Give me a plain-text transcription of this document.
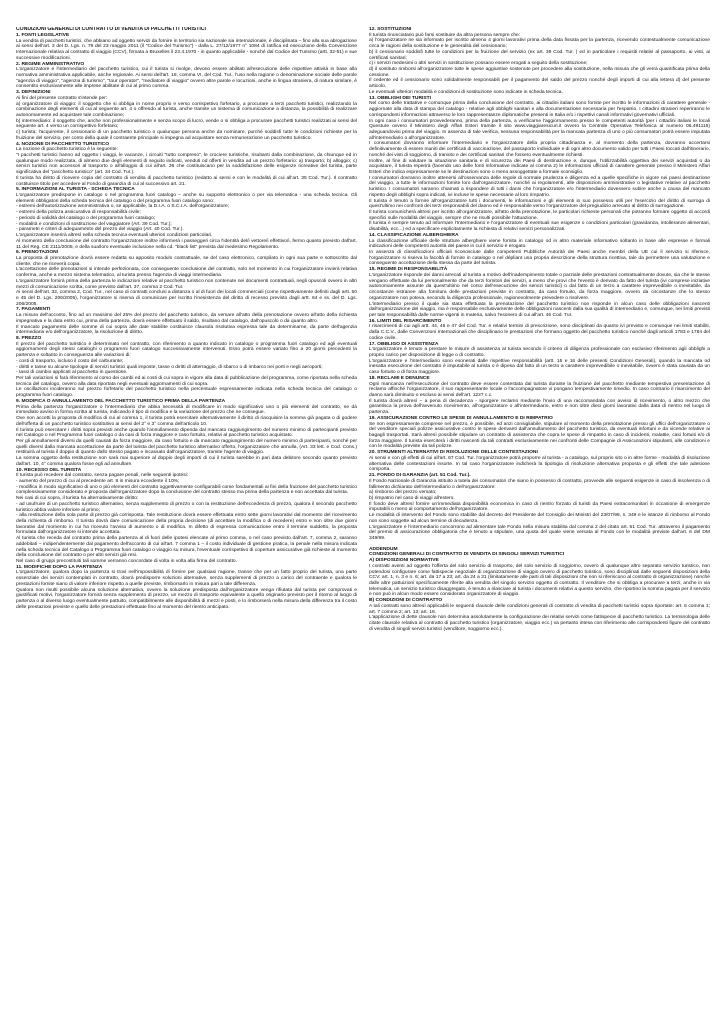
CONDIZIONI GENERALI DI CONTRATTO DI VENDITA DI PACCHETTI TURISTICI
1. FONTI LEGISLATIVE

La vendita di pacchetti turistici, che abbiano ad oggetto servizi da fornire in territorio sia nazionale sia internazionale, è disciplinata – fino alla sua abrogazione ai sensi dell'art. 3 del D. Lgs. n. 79 del 23 maggio 2011 (il "Codice del Turismo") - dalla L. 27/12/1977 n° 1084 di ratifica ed esecuzione della Convenzione Internazionale relativa al contratto di viaggio (CCV), firmata a Bruxelles il 23.4.1970 - in quanto applicabile - nonché dal Codice del Turismo (artt. 32-51) e sue successive modificazioni.

2. REGIME AMMINISTRATIVO

L'organizzatore e l'intermediario del pacchetto turistico, cui il turista si rivolge, devono essere abilitati all'esecuzione delle rispettive attività in base alla normativa amministrativa applicabile, anche regionale. Ai sensi dell'art. 18, comma VI, del Cod. Tur., l'uso nella ragione o denominazione sociale delle parole "agenzia di viaggio", "agenzia di turismo", "tour operator", "mediatore di viaggio" ovvero altre parole e locuzioni, anche in lingua straniera, di natura similare, è consentito esclusivamente alle imprese abilitate di cui al primo comma.

3. DEFINIZIONI

Ai fini del presente contratto s'intende per:

a) organizzatore di viaggio: il soggetto che si obbliga in nome proprio e verso corrispettivo forfetario, a procurare a terzi pacchetti turistici, realizzando la combinazione degli elementi di cui al seguente art. 4 o offrendo al turista, anche tramite un sistema di comunicazione a distanza, la possibilità di realizzare autonomamente ed acquistare tale combinazione;

b) intermediario: il soggetto che, anche non professionalmente e senza scopo di lucro, vende o si obbliga a procurare pacchetti turistici realizzati ai sensi del seguente art. 4 verso un corrispettivo forfetario;

c) turista: l'acquirente, il cessionario di un pacchetto turistico o qualunque persona anche da nominare, purché soddisfi tutte le condizioni richieste per la fruizione del servizio, per conto della quale il contraente principale si impegna ad acquistare senza remunerazione un pacchetto turistico.

4. NOZIONE DI PACCHETTO TURISTICO

La nozione di pacchetto turistico è la seguente:

"I pacchetti turistici hanno ad oggetto i viaggi, le vacanze, i circuiti "tutto compreso", le crociere turistiche, risultanti dalla combinazione, da chiunque ed in qualunque modo realizzata, di almeno due degli elementi di seguito indicati, venduti od offerti in vendita ad un prezzo forfetario: a) trasporto; b) alloggio; c) servizi turistici non accessori al trasporto o all'alloggio di cui all'art. 36 che costituiscano per la soddisfazione delle esigenze ricreative del turista, parte significativa del "pacchetto turistico" (art. 34 Cod. Tur.).

Il turista ha diritto di ricevere copia del contratto di vendita di pacchetto turistico (redatto ai sensi e con le modalità di cui all'art. 35 Cod. Tur.). Il contratto costituisce titolo per accedere al Fondo di garanzia di cui al successivo art. 21.

5. INFORMAZIONI AL TURISTA - SCHEDA TECNICA

L'organizzatore predispone in catalogo o nel programma fuori catalogo – anche su supporto elettronico o per via telematica - una scheda tecnica. Gli elementi obbligatori della scheda tecnica del catalogo o del programma fuori catalogo sono:

- estremi dell'autorizzazione amministrativa o, se applicabile, la D.I.A. o S.C.I.A. dell'organizzatore;

- estremi della polizza assicurativa di responsabilità civile;

- periodo di validità del catalogo o del programma fuori catalogo;

- modalità e condizioni di sostituzione del viaggiatore (Art. 39 Cod. Tur.);

- parametri e criteri di adeguamento del prezzo del viaggio (Art. 40 Cod. Tur.).

L'organizzatore inserirà altresì nella scheda tecnica eventuali ulteriori condizioni particolari.

Al momento della conclusione del contratto l'organizzatore inoltre informerà i passeggeri circa l'identità del/i vettore/i effettivo/i, fermo quanto previsto dall'art. 11 del Reg. CE 2111/2005, e della sua/loro eventuale inclusione nella cd. "black list" prevista dal medesimo Regolamento.

6. PRENOTAZIONI

La proposta di prenotazione dovrà essere redatta su apposito modulo contrattuale, se del caso elettronico, compilato in ogni sua parte e sottoscritto dal cliente, che ne riceverà copia.

L'accettazione delle prenotazioni si intende perfezionata, con conseguente conclusione del contratto, solo nel momento in cui l'organizzatore invierà relativa conferma, anche a mezzo sistema telematico, al turista presso l'agenzia di viaggi intermediaria.

L'organizzatore fornirà prima della partenza le indicazioni relative al pacchetto turistico non contenute nei documenti contrattuali, negli opuscoli ovvero in altri mezzi di comunicazione scritta, come previsto dall'art. 37, comma 2 Cod. Tur.

Ai sensi dell'art. 32, comma 2, Cod. Tur., nel caso di contratti conclusi a distanza o al di fuori dei locali commerciali (come rispettivamente definiti dagli artt. 50 e 45 del D. Lgs. 206/2005), l'organizzatore si riserva di comunicare per iscritto l'inesistenza del diritto di recesso previsto dagli artt. 64 e ss. del D. Lgs. 206/2005.

7. PAGAMENTI

La misura dell'acconto, fino ad un massimo del 25% del prezzo del pacchetto turistico, da versare all'atto della prenotazione ovvero all'atto della richiesta impegnativa e la data entro cui, prima della partenza, dovrà essere effettuato il saldo, risultano dal catalogo, dall'opuscolo o da quanto altro.

Il mancato pagamento delle somme di cui sopra alle date stabilite costituisce clausola risolutiva espressa tale da determinarne, da parte dell'agenzia intermediaria e/o dell'organizzatore, la risoluzione di diritto.

8. PREZZO

Il prezzo del pacchetto turistico è determinato nel contratto, con riferimento a quanto indicato in catalogo o programma fuori catalogo ed agli eventuali aggiornamenti degli stessi cataloghi o programmi fuori catalogo successivamente intervenuti. Esso potrà essere variato fino a 20 giorni precedenti la partenza e soltanto in conseguenza alle variazioni di:

- costi di trasporto, incluso il costo del carburante;

- diritti e tasse su alcune tipologie di servizi turistici quali imposte, tasse o diritti di atterraggio, di sbarco o di imbarco nei porti e negli aeroporti;

- tassi di cambio applicati al pacchetto in questione.

Per tali variazioni si farà riferimento al corso dei cambi ed ai costi di cui sopra in vigore alla data di pubblicazione del programma, come riportata nella scheda tecnica del catalogo, ovvero alla data riportata negli eventuali aggiornamenti di cui sopra.

Le oscillazioni incideranno sul prezzo forfetario del pacchetto turistico nella percentuale espressamente indicata nella scheda tecnica del catalogo o programma fuori catalogo.

9. MODIFICA O ANNULLAMENTO DEL PACCHETTO TURISTICO PRIMA DELLA PARTENZA

Prima della partenza l'organizzatore o l'intermediario che abbia necessità di modificare in modo significativo uno o più elementi del contratto, ne dà immediato avviso in forma scritta al turista, indicando il tipo di modifica e la variazione del prezzo che ne consegue.

Ove non accetti la proposta di modifica di cui al comma 1, il turista potrà esercitare alternativamente il diritto di riacquisire la somma già pagata o di godere dell'offerta di un pacchetto turistico sostitutivo ai sensi del 2° e 3° comma dell'articolo 10.

Il turista può esercitare i diritti sopra previsti anche quando l'annullamento dipenda dal mancato raggiungimento del numero minimo di partecipanti previsto nel Catalogo o nel Programma fuori catalogo o da casi di forza maggiore e caso fortuito, relativi al pacchetto turistico acquistato.

Per gli annullamenti diversi da quelli causati da forza maggiore, da caso fortuito e da mancato raggiungimento del numero minimo di partecipanti, nonché per quelli diversi dalla mancata accettazione da parte del turista del pacchetto turistico alternativo offerto, l'organizzatore che annulla, (Art. 33 lett. e Cod. Cons.) restituirà al turista il doppio di quanto dallo stesso pagato e incassato dall'organizzatore, tramite l'agente di viaggio.

La somma oggetto della restituzione non sarà mai superiore al doppio degli importi di cui il turista sarebbe in pari data debitore secondo quanto previsto dall'art. 10, 4° comma qualora fosse egli ad annullare.

10. RECESSO DEL TURISTA

Il turista può recedere dal contratto, senza pagare penali, nelle seguenti ipotesi:

- aumento del prezzo di cui al precedente art. 8 in misura eccedente il 10%;

- modifica in modo significativo di uno o più elementi del contratto oggettivamente configurabili come fondamentali ai fini della fruizione del pacchetto turistico complessivamente considerato e proposta dall'organizzatore dopo la conclusione del contratto stesso ma prima della partenza e non accettata dal turista.

Nei casi di cui sopra, il turista ha alternativamente diritto:

- ad usufruire di un pacchetto turistico alternativo, senza supplemento di prezzo o con la restituzione dell'eccedenza di prezzo, qualora il secondo pacchetto turistico abbia valore inferiore al primo;

- alla restituzione della sola parte di prezzo già corrisposta. Tale restituzione dovrà essere effettuata entro sette giorni lavorativi dal momento del ricevimento della richiesta di rimborso. Il turista dovrà dare comunicazione della propria decisione (di accettare la modifica o di recedere) entro e non oltre due giorni lavorativi dal momento in cui ha ricevuto l'avviso di aumento o di modifica. In difetto di espressa comunicazione entro il termine suddetto, la proposta formulata dall'organizzatore si intende accettata.

Al turista che receda dal contratto prima della partenza al di fuori delle ipotesi elencate al primo comma, o nel caso previsto dall'art. 7, comma 2, saranno addebitati – indipendentemente dal pagamento dell'acconto di cui all'art. 7 comma 1 – il costo individuale di gestione pratica, la penale nella misura indicata nella scheda tecnica del Catalogo o Programma fuori catalogo o viaggio su misura, l'eventuale corrispettivo di coperture assicurative già richieste al momento della conclusione del contratto o per altri servizi già resi.

Nel caso di gruppi precostituiti tali somme verranno concordate di volta in volta alla firma del contratto.

11. MODIFICHE DOPO LA PARTENZA

L'organizzatore, qualora dopo la partenza si trovi nell'impossibilità di fornire per qualsiasi ragione, tranne che per un fatto proprio del turista, una parte essenziale dei servizi contemplati in contratto, dovrà predisporre soluzioni alternative, senza supplementi di prezzo a carico del contraente e qualora le prestazioni fornite siano di valore inferiore rispetto a quelle previste, rimborsarlo in misura pari a tale differenza.

Qualora non risulti possibile alcuna soluzione alternativa, ovvero la soluzione predisposta dall'organizzatore venga rifiutata dal turista per comprovati e giustificati motivi, l'organizzatore fornirà senza supplemento di prezzo, un mezzo di trasporto equivalente a quello originario previsto per il ritorno al luogo di partenza o al diverso luogo eventualmente pattuito, compatibilmente alle disponibilità di mezzi e posti, e lo rimborserà nella misura della differenza tra il costo delle prestazioni previste e quello delle prestazioni effettuate fino al momento del rientro anticipato.

12. SOSTITUZIONI

Il turista rinunciatario può farsi sostituire da altra persona sempre che:

a) l'organizzatore ne sia informato per iscritto almeno 4 giorni lavorativi prima della data fissata per la partenza, ricevendo contestualmente comunicazione circa le ragioni della sostituzione e le generalità del cessionario;

b) il cessionario soddisfi tutte le condizioni per la fruizione del servizio (ex art. 39 Cod. Tur. ) ed in particolare i requisiti relativi al passaporto, ai visti, ai certificati sanitari;

c) i servizi medesimi o altri servizi in sostituzione possano essere erogati a seguito della sostituzione;

d) il sostituto rimborsi all'organizzatore tutte le spese aggiuntive sostenute per procedere alla sostituzione, nella misura che gli verrà quantificata prima della cessione.

Il cedente ed il cessionario sono solidalmente responsabili per il pagamento del saldo del prezzo nonché degli importi di cui alla lettera d) del presente articolo.

Le eventuali ulteriori modalità e condizioni di sostituzione sono indicate in scheda tecnica.

13. OBBLIGHI DEI TURISTI

Nel corso delle trattative e comunque prima della conclusione del contratto, ai cittadini italiani sono fornite per iscritto le informazioni di carattere generale - aggiornate alla data di stampa del catalogo - relative agli obblighi sanitari e alla documentazione necessaria per l'espatrio. I cittadini stranieri reperiranno le corrispondenti informazioni attraverso le loro rappresentanze diplomatiche presenti in Italia e/o i rispettivi canali informativi governativi ufficiali.

In ogni caso i consumatori provvederanno, prima della partenza, a verificarne l'aggiornamento presso le competenti autorità (per i cittadini italiani le locali Questure ovvero il Ministero degli Affari Esteri tramite il sito www.viaggiaresicuri.it ovvero la Centrale Operativa Telefonica al numero 06.491115) adeguandovisi prima del viaggio. In assenza di tale verifica, nessuna responsabilità per la mancata partenza di uno o più consumatori potrà essere imputata all'intermediario o all'organizzatore.

I consumatori dovranno informare l'intermediario e l'organizzatore della propria cittadinanza e, al momento della partenza, dovranno accertarsi definitivamente di essere muniti dei certificati di vaccinazione, del passaporto individuale e di ogni altro documento valido per tutti i Paesi toccati dall'itinerario, nonché dei visti di soggiorno, di transito e dei certificati sanitari che fossero eventualmente richiesti.

Inoltre, al fine di valutare la situazione sanitaria e di sicurezza dei Paesi di destinazione e, dunque, l'utilizzabilità oggettiva dei servizi acquistati o da acquistare, il turista reperirà (facendo uso delle fonti informative indicate al comma 2) le informazioni ufficiali di carattere generale presso il Ministero Affari Esteri che indica espressamente se le destinazioni sono o meno assoggettate a formale sconsiglio.

I consumatori dovranno inoltre attenersi all'osservanza delle regole di normale prudenza e diligenza ed a quelle specifiche in vigore nei paesi destinazione del viaggio, a tutte le informazioni fornite loro dall'organizzatore, nonché ai regolamenti, alle disposizioni amministrative o legislative relative al pacchetto turistico. I consumatori saranno chiamati a rispondere di tutti i danni che l'organizzatore e/o l'intermediario dovessero subire anche a causa del mancato rispetto degli obblighi sopra indicati, ivi incluse le spese necessarie al loro rimpatrio.

Il turista è tenuto a fornire all'organizzatore tutti i documenti, le informazioni e gli elementi in suo possesso utili per l'esercizio del diritto di surroga di quest'ultimo nei confronti dei terzi responsabili del danno ed è responsabile verso l'organizzatore del pregiudizio arrecato al diritto di surrogazione.

Il turista comunicherà altresì per iscritto all'organizzatore, all'atto della prenotazione, le particolari richieste personali che potranno formare oggetto di accordi specifici sulle modalità del viaggio, sempre che ne risulti possibile l'attuazione.

Il turista è sempre tenuto ad informare l'Intermediario e l'organizzatore di eventuali sue esigenze o condizioni particolari (gravidanza, intolleranze alimentari, disabilità, ecc...) ed a specificare esplicitamente la richiesta di relativi servizi personalizzati.

14. CLASSIFICAZIONE ALBERGHIERA

La classificazione ufficiale delle strutture alberghiere viene fornita in catalogo od in altro materiale informativo soltanto in base alle espresse e formali indicazioni delle competenti autorità del paese in cui il servizio è erogato.

In assenza di classificazioni ufficiali riconosciute dalle competenti Pubbliche Autorità dei Paesi anche membri della UE cui il servizio si riferisce, l'organizzatore si riserva la facoltà di fornire in catalogo o nel dépliant una propria descrizione della struttura ricettiva, tale da permettere una valutazione e conseguente accettazione della stessa da parte del turista.

15. REGIME DI RESPONSABILITÀ

L'organizzatore risponde dei danni arrecati al turista a motivo dell'inadempimento totale o parziale delle prestazioni contrattualmente dovute, sia che le stesse vengano effettuate da lui personalmente che da terzi fornitori dei servizi, a meno che provi che l'evento è derivato da fatto del turista (ivi comprese iniziative autonomamente assunte da quest'ultimo nel corso dell'esecuzione dei servizi turistici) o dal fatto di un terzo a carattere imprevedibile o inevitabile, da circostanze estranee alla fornitura delle prestazioni previste in contratto, da caso fortuito, da forza maggiore, ovvero da circostanze che lo stesso organizzatore non poteva, secondo la diligenza professionale, ragionevolmente prevedere o risolvere.

L'intermediario presso il quale sia stata effettuata la prenotazione del pacchetto turistico non risponde in alcun caso delle obbligazioni nascenti dall'organizzazione del viaggio, ma è responsabile esclusivamente delle obbligazioni nascenti dalla sua qualità di intermediario e, comunque, nei limiti previsti per tale responsabilità dalle norme vigenti in materia, salvo l'esonero di cui all'art. 46 Cod. Tur.

16. LIMITI DEL RISARCIMENTO

I risarcimenti di cui agli artt. 44, 45 e 47 del Cod. Tur. e relativi termini di prescrizione, sono disciplinati da quanto ivi previsto e comunque nei limiti stabiliti, dalla C.C.V., dalle Convenzioni Internazionali che disciplinano le prestazioni che formano oggetto del pacchetto turistico nonché dagli articoli 1783 e 1784 del codice civile.

17. OBBLIGO DI ASSISTENZA

L'organizzatore è tenuto a prestare le misure di assistenza al turista secondo il criterio di diligenza professionale con esclusivo riferimento agli obblighi a proprio carico per disposizione di legge o di contratto.

L'organizzatore e l'intermediario sono esonerati dalle rispettive responsabilità (artt. 15 e 16 delle presenti Condizioni Generali), quando la mancata od inesatta esecuzione del contratto è imputabile al turista o è dipesa dal fatto di un terzo a carattere imprevedibile o inevitabile, ovvero è stata causata da un caso fortuito o di forza maggiore.

18. RECLAMI E DENUNCE

Ogni mancanza nell'esecuzione del contratto deve essere contestata dal turista durante la fruizione del pacchetto mediante tempestiva presentazione di reclamo affinché l'organizzatore, il suo rappresentante locale o l'accompagnatore vi pongano tempestivamente rimedio. In caso contrario il risarcimento del danno sarà diminuito o escluso ai sensi dell'art. 1227 c.c.

Il turista dovrà altresì – a pena di decadenza - sporgere reclamo mediante l'invio di una raccomandata con avviso di ricevimento, o altro mezzo che garantisca la prova dell'avvenuto ricevimento, all'organizzatore o all'intermediario, entro e non oltre dieci giorni lavorativi dalla data di rientro nel luogo di partenza.

19. ASSICURAZIONE CONTRO LE SPESE DI ANNULLAMENTO E DI RIMPATRIO

Se non espressamente comprese nel prezzo, è possibile, ed anzi consigliabile, stipulare al momento della prenotazione presso gli uffici dell'organizzatore o del venditore speciali polizze assicurative contro le spese derivanti dall'annullamento del pacchetto turistico, da eventuali infortuni e da vicende relative ai bagagli trasportati. Sarà altresì possibile stipulare un contratto di assistenza che copra le spese di rimpatrio in caso di incidenti, malattie, casi fortuiti e/o di forza maggiore. Il turista eserciterà i diritti nascenti da tali contratti esclusivamente nei confronti delle Compagnie di Assicurazioni stipulanti, alle condizioni e con le modalità previste da tali polizze.

20. STRUMENTI ALTERNATIVI DI RISOLUZIONE DELLE CONTESTAZIONI

Ai sensi e con gli effetti di cui all'art. 67 Cod. Tur. l'organizzatore potrà proporre al turista - a catalogo, sul proprio sito o in altre forme - modalità di risoluzione alternativa delle contestazioni insorte. In tal caso l'organizzatore indicherà la tipologia di risoluzione alternativa proposta e gli effetti che tale adesione comporta.

21. FONDO DI GARANZIA (art. 51 Cod. Tur.).

Il Fondo Nazionale di Garanzia istituito a tutela dei consumatori che siano in possesso di contratto, provvede alle seguenti esigenze in caso di insolvenza o di fallimento dichiarato dell'intermediario o dell'organizzatore:

a) rimborso del prezzo versato;

b) rimpatrio nel caso di viaggi all'estero.

Il fondo deve altresì fornire un'immediata disponibilità economica in caso di rientro forzato di turisti da Paesi extracomunitari in occasione di emergenze imputabili o meno al comportamento dell'organizzatore.

Le modalità di intervento del Fondo sono stabilite dal decreto del Presidente del Consiglio dei Ministri del 23/07/99, n. 349 e le istanze di rimborso al Fondo non sono soggette ad alcun termine di decadenza.

L'organizzatore e l'intermediario concorrono ad alimentare tale Fondo nella misura stabilita dal comma 2 del citato art. 51 Cod. Tur. attraverso il pagamento del premio di assicurazione obbligatoria che è tenuto a stipulare, una quota del quale viene versata al Fondo con le modalità previste dall'art. 6 del DM 349/99.

ADDENDUM
CONDIZIONI GENERALI DI CONTRATTO DI VENDITA DI SINGOLI SERVIZI TURISTICI
A) DISPOSIZIONI NORMATIVE

I contratti aventi ad oggetto l'offerta del solo servizio di trasporto, del solo servizio di soggiorno, ovvero di qualunque altro separato servizio turistico, non potendosi configurare come fattispecie negoziale di organizzazione di viaggio ovvero di pacchetto turistico, sono disciplinati dalle seguenti disposizioni della CCV: art. 1, n. 3 e n. 6; art. da 17 a 23; art. da 24 a 31 (limitatamente alle parti di tali disposizioni che non si riferiscono al contratto di organizzazione) nonché dalle altre pattuizioni specificamente riferite alla vendita del singolo servizio oggetto di contratto. Il venditore che si obbliga a procurare a terzi, anche in via telematica, un servizio turistico disaggregato, è tenuto a rilasciare al turista i documenti relativi a questo servizio, che riportino la somma pagata per il servizio e non può in alcun modo essere considerato organizzatore di viaggio.

B) CONDIZIONI DI CONTRATTO

A tali contratti sono altresì applicabili le seguenti clausole delle condizioni generali di contratto di vendita di pacchetti turistici sopra riportate: art. 6 comma 1; art. 7 comma 2; art. 13; art. 18.

L'applicazione di dette clausole non determina assolutamente la configurazione dei relativi servizi come fattispecie di pacchetto turistico. La terminologia delle citate clausole relativa al contratto di pacchetto turistico (organizzatore, viaggio ecc.) va pertanto intesa con riferimento alle corrispondenti figure del contratto di vendita di singoli servizi turistici (venditore, soggiorno ecc.).
